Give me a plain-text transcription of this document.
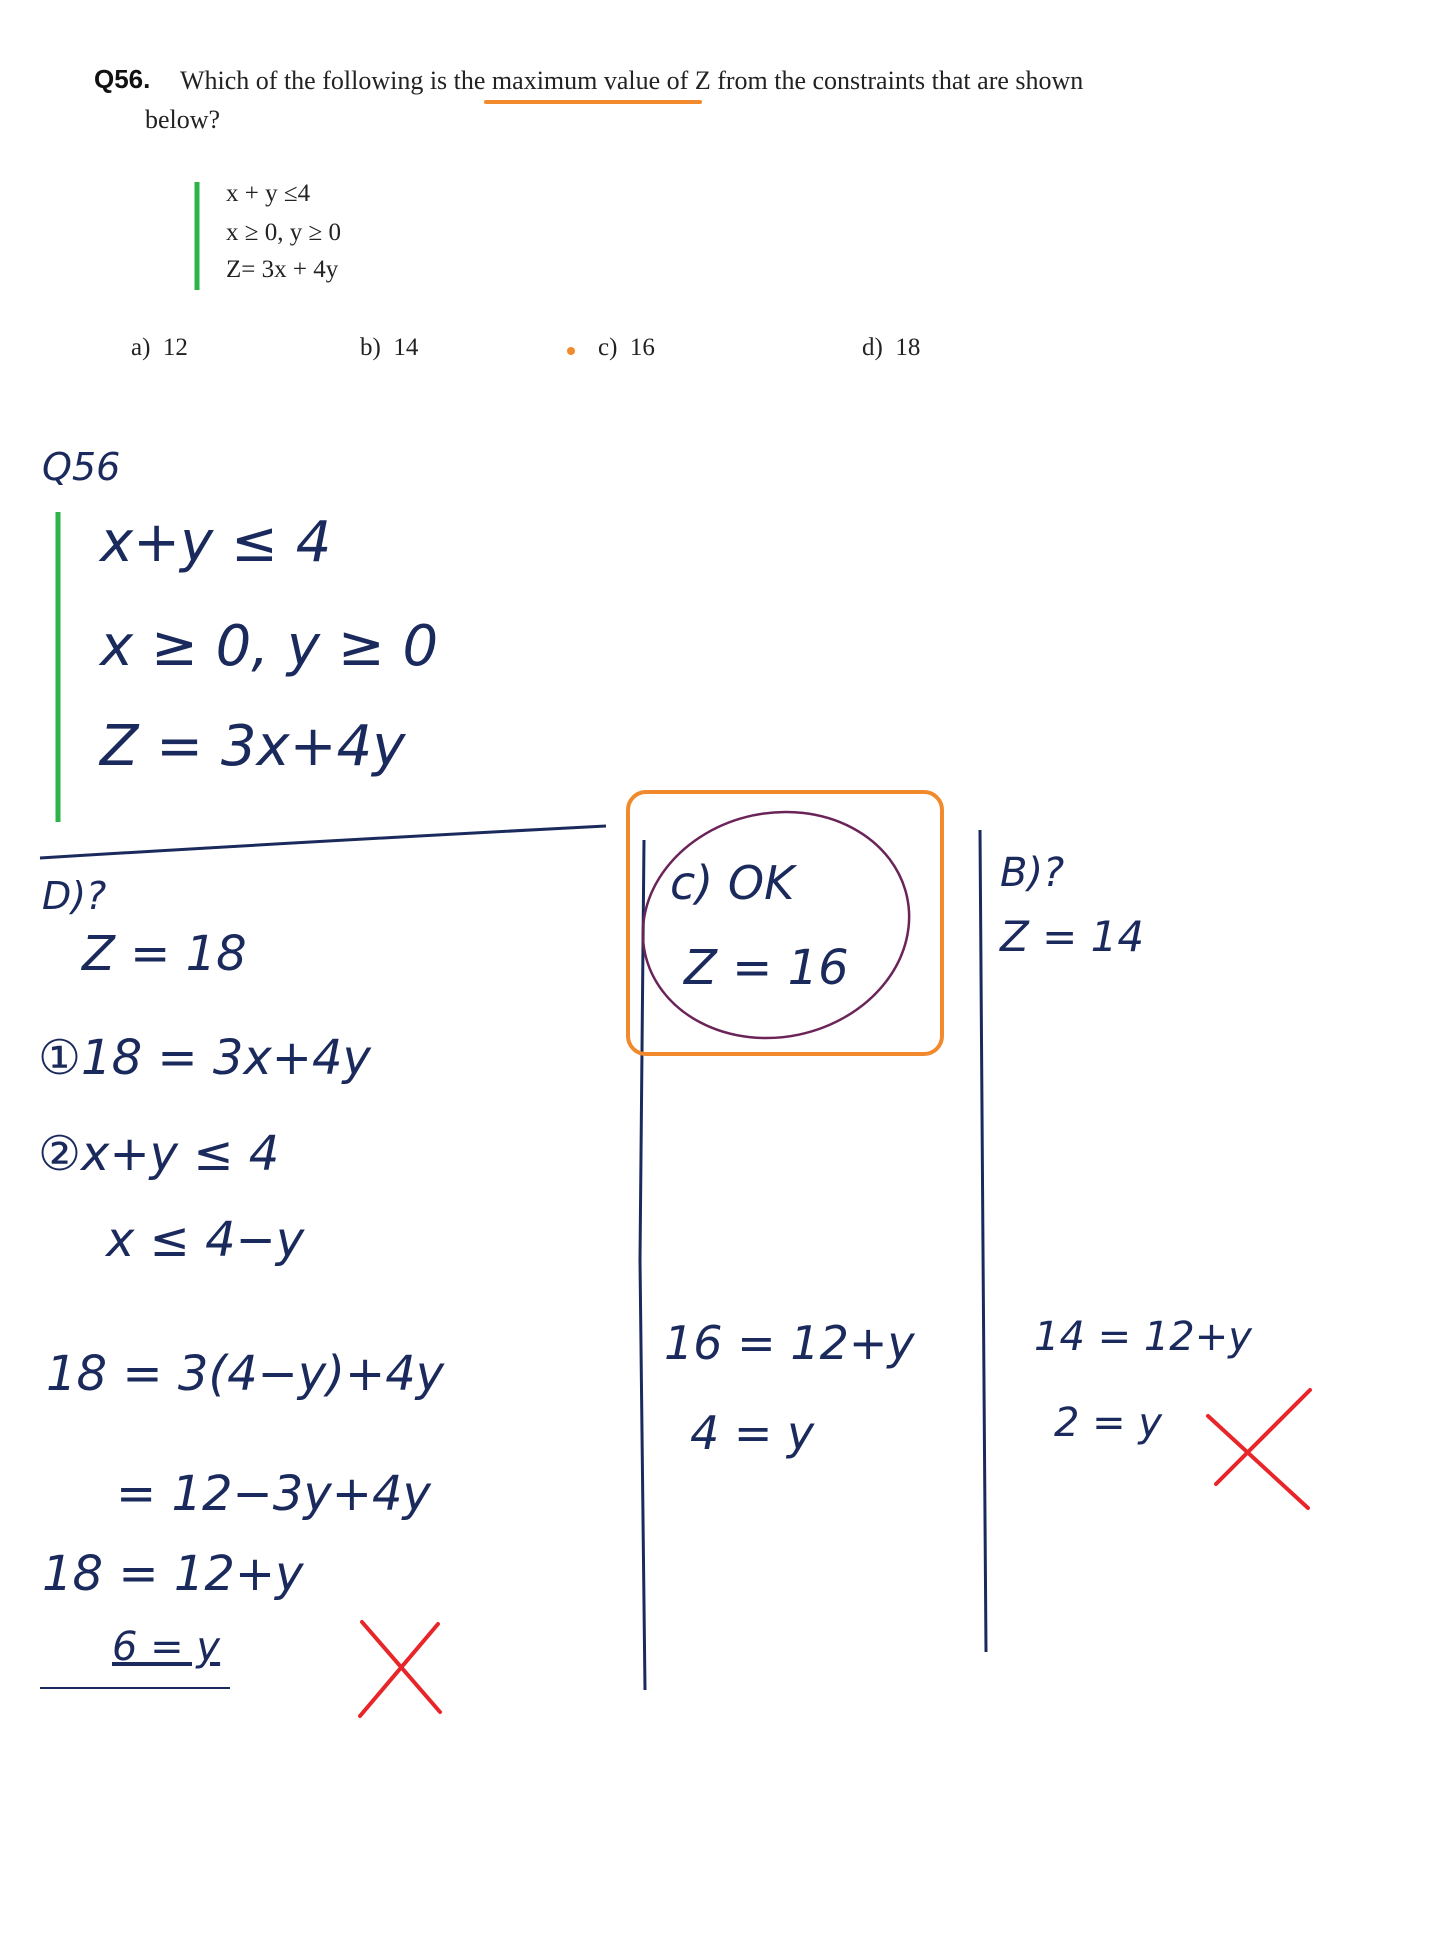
Q56. Which of the following is the maximum value of Z from the constraints that are shown
below?
x + y ≤4
x ≥ 0, y ≥ 0
Z= 3x + 4y
a) 12	b) 14	c) 16	d) 18
Q56
x+y ≤ 4
x ≥ 0, y ≥ 0
Z = 3x+4y
D)?
Z = 18
①18 = 3x+4y
②x+y ≤ 4
x ≤ 4−y
18 = 3(4−y)+4y
= 12−3y+4y
18 = 12+y
6 = y
c) OK
Z = 16
16 = 12+y
4 = y
B)?
Z = 14
14 = 12+y
2 = y
